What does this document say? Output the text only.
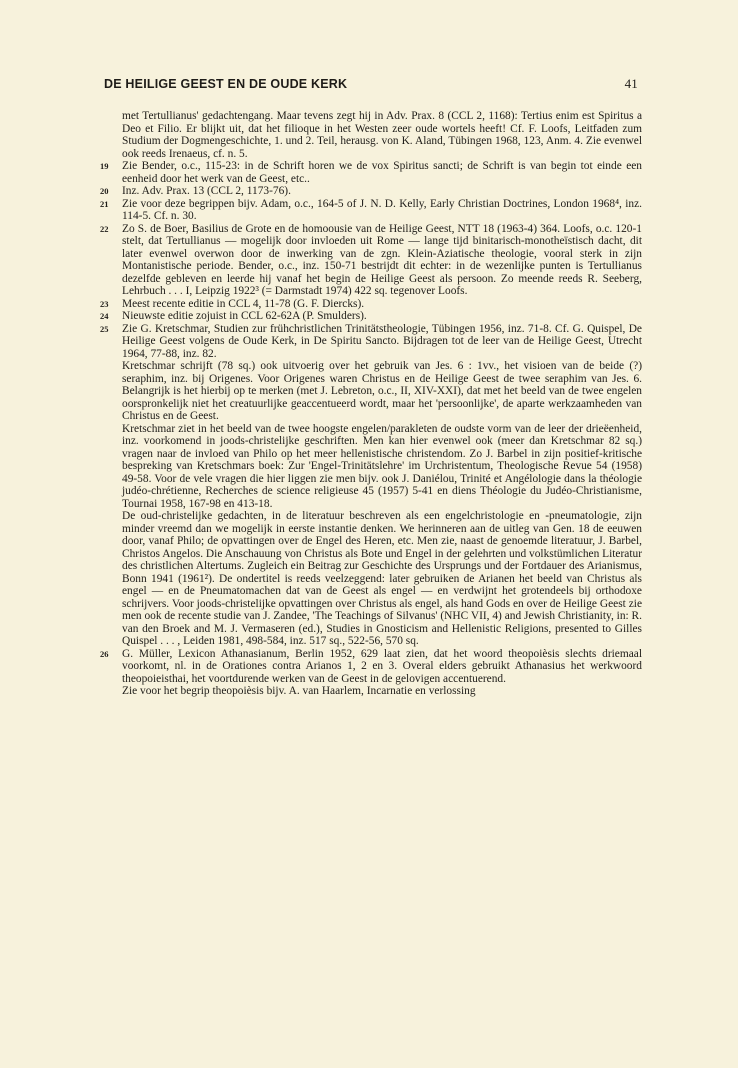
DE HEILIGE GEEST EN DE OUDE KERK	41
met Tertullianus' gedachtengang. Maar tevens zegt hij in Adv. Prax. 8 (CCL 2, 1168): Tertius enim est Spiritus a Deo et Filio. Er blijkt uit, dat het filioque in het Westen zeer oude wortels heeft! Cf. F. Loofs, Leitfaden zum Studium der Dogmengeschichte, 1. und 2. Teil, herausg. von K. Aland, Tübingen 1968, 123, Anm. 4. Zie evenwel ook reeds Irenaeus, cf. n. 5.
19 Zie Bender, o.c., 115-23: in de Schrift horen we de vox Spiritus sancti; de Schrift is van begin tot einde een eenheid door het werk van de Geest, etc..
20 Inz. Adv. Prax. 13 (CCL 2, 1173-76).
21 Zie voor deze begrippen bijv. Adam, o.c., 164-5 of J. N. D. Kelly, Early Christian Doctrines, London 1968⁴, inz. 114-5. Cf. n. 30.
22 Zo S. de Boer, Basilius de Grote en de homoousie van de Heilige Geest, NTT 18 (1963-4) 364. Loofs, o.c. 120-1 stelt, dat Tertullianus — mogelijk door invloeden uit Rome — lange tijd binitarisch-monotheïstisch dacht, dit later evenwel overwon door de inwerking van de zgn. Klein-Aziatische theologie, vooral sterk in zijn Montanistische periode. Bender, o.c., inz. 150-71 bestrijdt dit echter: in de wezenlijke punten is Tertullianus dezelfde gebleven en leerde hij vanaf het begin de Heilige Geest als persoon. Zo meende reeds R. Seeberg, Lehrbuch . . . I, Leipzig 1922³ (= Darmstadt 1974) 422 sq. tegenover Loofs.
23 Meest recente editie in CCL 4, 11-78 (G. F. Diercks).
24 Nieuwste editie zojuist in CCL 62-62A (P. Smulders).
25 Zie G. Kretschmar, Studien zur frühchristlichen Trinitätstheologie, Tübingen 1956, inz. 71-8. Cf. G. Quispel, De Heilige Geest volgens de Oude Kerk, in De Spiritu Sancto. Bijdragen tot de leer van de Heilige Geest, Utrecht 1964, 77-88, inz. 82.
Kretschmar schrijft (78 sq.) ook uitvoerig over het gebruik van Jes. 6 : 1vv., het visioen van de beide (?) seraphim, inz. bij Origenes. Voor Origenes waren Christus en de Heilige Geest de twee seraphim van Jes. 6. Belangrijk is het hierbij op te merken (met J. Lebreton, o.c., II, XIV-XXI), dat met het beeld van de twee engelen oorspronkelijk niet het creatuurlijke geaccentueerd wordt, maar het 'persoonlijke', de aparte werkzaamheden van Christus en de Geest.
Kretschmar ziet in het beeld van de twee hoogste engelen/parakleten de oudste vorm van de leer der drieëenheid, inz. voorkomend in joods-christelijke geschriften. Men kan hier evenwel ook (meer dan Kretschmar 82 sq.) vragen naar de invloed van Philo op het meer hellenistische christendom. Zo J. Barbel in zijn positief-kritische bespreking van Kretschmars boek: Zur 'Engel-Trinitätslehre' im Urchristentum, Theologische Revue 54 (1958) 49-58. Voor de vele vragen die hier liggen zie men bijv. ook J. Daniélou, Trinité et Angélologie dans la théologie judéo-chrétienne, Recherches de science religieuse 45 (1957) 5-41 en diens Théologie du Judéo-Christianisme, Tournai 1958, 167-98 en 413-18.
De oud-christelijke gedachten, in de literatuur beschreven als een engelchristologie en -pneumatologie, zijn minder vreemd dan we mogelijk in eerste instantie denken. We herinneren aan de uitleg van Gen. 18 de eeuwen door, vanaf Philo; de opvattingen over de Engel des Heren, etc. Men zie, naast de genoemde literatuur, J. Barbel, Christos Angelos. Die Anschauung von Christus als Bote und Engel in der gelehrten und volkstümlichen Literatur des christlichen Altertums. Zugleich ein Beitrag zur Geschichte des Ursprungs und der Fortdauer des Arianismus, Bonn 1941 (1961²). De ondertitel is reeds veelzeggend: later gebruiken de Arianen het beeld van Christus als engel — en de Pneumatomachen dat van de Geest als engel — en verdwijnt het grotendeels bij orthodoxe schrijvers. Voor joods-christelijke opvattingen over Christus als engel, als hand Gods en over de Heilige Geest zie men ook de recente studie van J. Zandee, 'The Teachings of Silvanus' (NHC VII, 4) and Jewish Christianity, in: R. van den Broek and M. J. Vermaseren (ed.), Studies in Gnosticism and Hellenistic Religions, presented to Gilles Quispel . . . , Leiden 1981, 498-584, inz. 517 sq., 522-56, 570 sq.
26 G. Müller, Lexicon Athanasianum, Berlin 1952, 629 laat zien, dat het woord theopoièsis slechts driemaal voorkomt, nl. in de Orationes contra Arianos 1, 2 en 3. Overal elders gebruikt Athanasius het werkwoord theopoieisthai, het voortdurende werken van de Geest in de gelovigen accentuerend.
Zie voor het begrip theopoièsis bijv. A. van Haarlem, Incarnatie en verlossing
